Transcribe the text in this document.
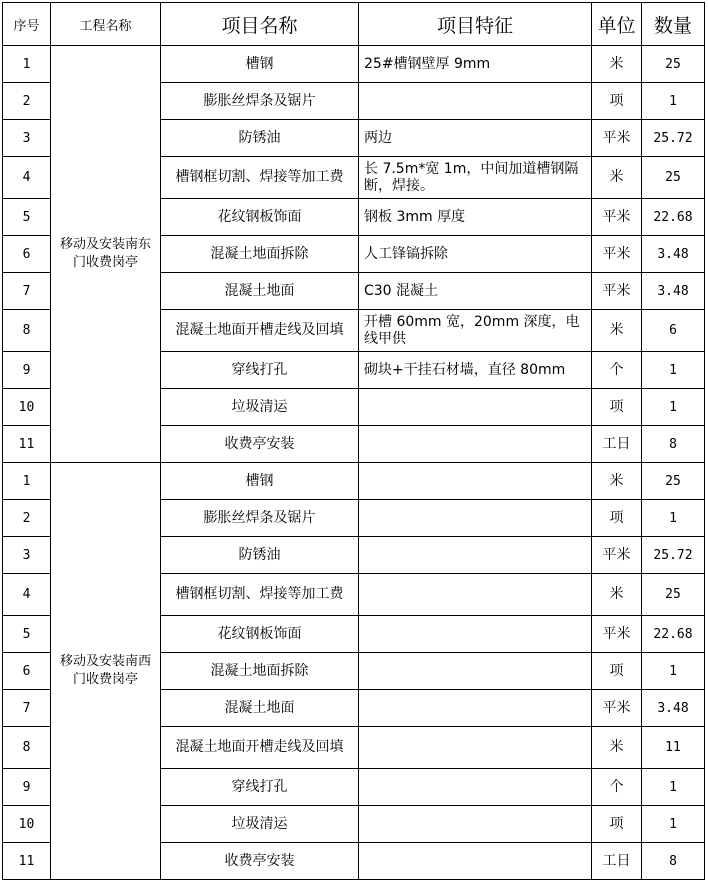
序号	工程名称	项目名称	项目特征	单位	数量
1	移动及安装南东门收费岗亭	槽钢	25#槽钢壁厚 9mm	米	25
2		膨胀丝焊条及锯片		项	1
3		防锈油	两边	平米	25.72
4		槽钢框切割、焊接等加工费	长 7.5m*宽 1m，中间加道槽钢隔断，焊接。	米	25
5		花纹钢板饰面	钢板 3mm 厚度	平米	22.68
6		混凝土地面拆除	人工锋镐拆除	平米	3.48
7		混凝土地面	C30 混凝土	平米	3.48
8		混凝土地面开槽走线及回填	开槽 60mm 宽，20mm 深度，电线甲供	米	6
9		穿线打孔	砌块+干挂石材墙，直径 80mm	个	1
10		垃圾清运		项	1
11		收费亭安装		工日	8
1	移动及安装南西门收费岗亭	槽钢		米	25
2		膨胀丝焊条及锯片		项	1
3		防锈油		平米	25.72
4		槽钢框切割、焊接等加工费		米	25
5		花纹钢板饰面		平米	22.68
6		混凝土地面拆除		项	1
7		混凝土地面		平米	3.48
8		混凝土地面开槽走线及回填		米	11
9		穿线打孔		个	1
10		垃圾清运		项	1
11		收费亭安装		工日	8
